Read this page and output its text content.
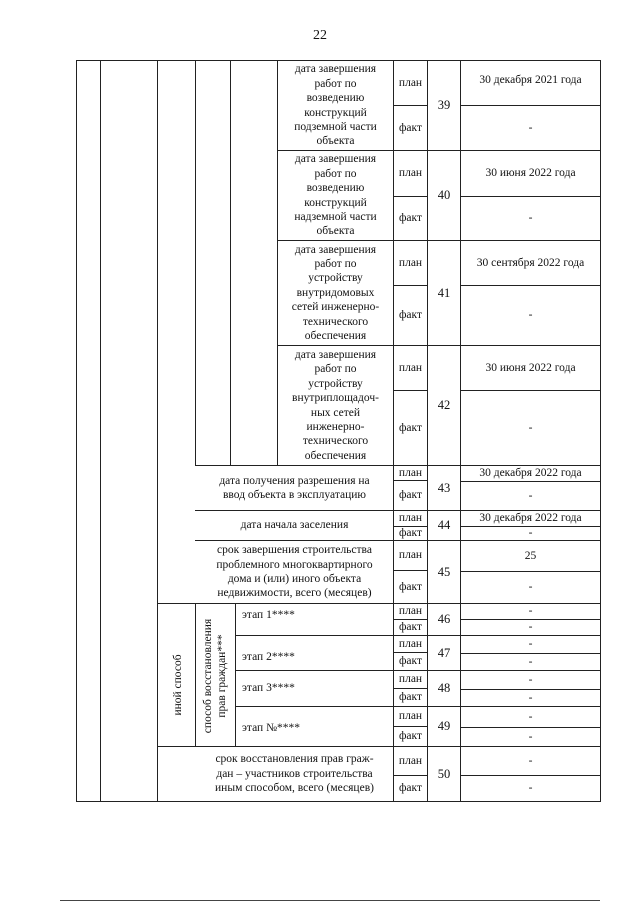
22
иной способ способ восстановления прав граждан***
дата завершения
работ по
возведению
конструкций
подземной части
объекта
дата завершения
работ по
возведению
конструкций
надземной части
объекта
дата завершения
работ по
устройству
внутридомовых
сетей инженерно-
технического
обеспечения
дата завершения
работ по
устройству
внутриплощадоч-
ных сетей
инженерно-
технического
обеспечения
дата получения разрешения на
ввод объекта в эксплуатацию
дата начала заселения
срок завершения строительства
проблемного многоквартирного
дома и (или) иного объекта
недвижимости, всего (месяцев)
этап 1****
этап 2****
этап 3****
этап №****
срок восстановления прав граж-
дан – участников строительства
иным способом, всего (месяцев)
план
факт
план
факт
план
факт
план
факт
план
факт
план
факт
план
факт
план
факт
план
факт
план
факт
план
факт
план
факт
39
40
41
42
43
44
45
46
47
48
49
50
30 декабря 2021 года
-
30 июня 2022 года
-
30 сентября 2022 года
-
30 июня 2022 года
-
30 декабря 2022 года
-
30 декабря 2022 года
-
25
-
-
-
-
-
-
-
-
-
-
-
